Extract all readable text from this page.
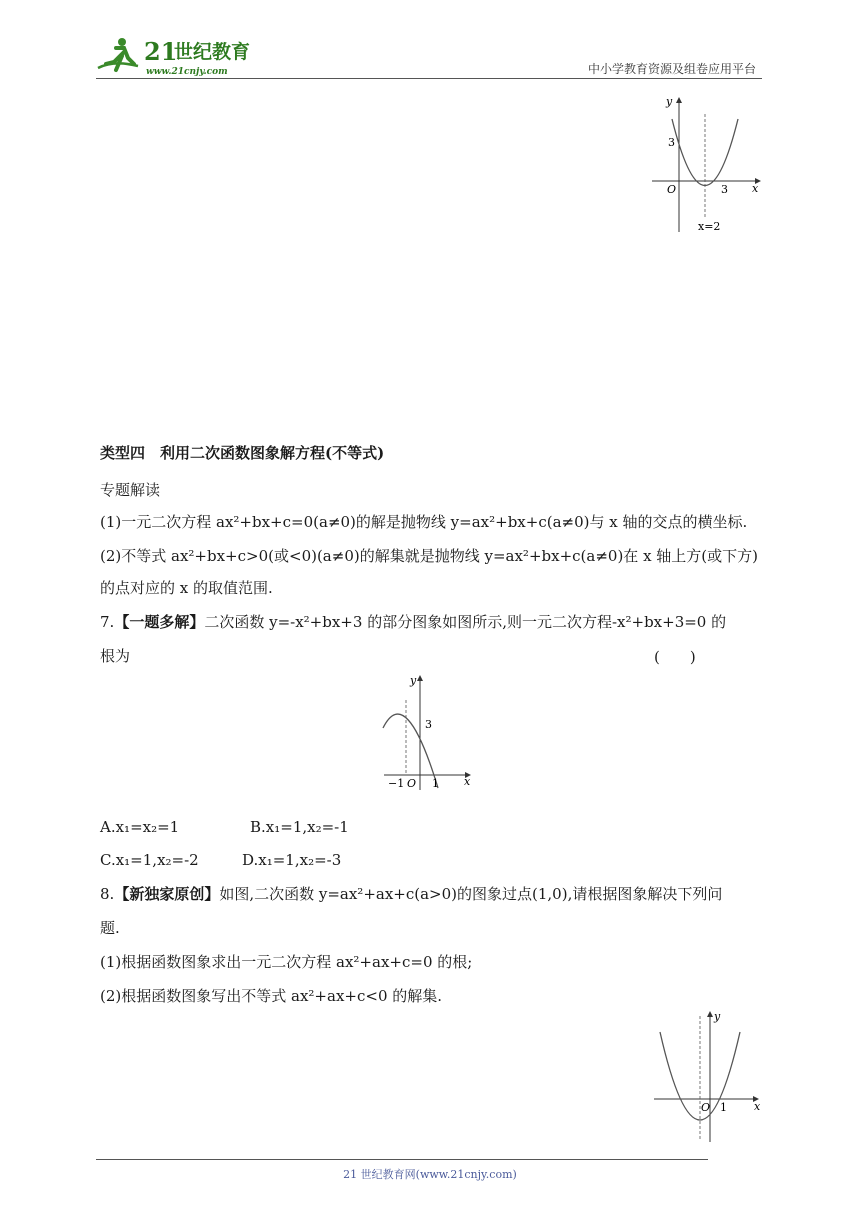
21
世纪教育
www.21cnjy.com	中小学教育资源及组卷应用平台
y
x
O
3
3
x=2
类型四　利用二次函数图象解方程(不等式)
专题解读
(1)一元二次方程 ax²+bx+c=0(a≠0)的解是抛物线 y=ax²+bx+c(a≠0)与 x 轴的交点的横坐标.
(2)不等式 ax²+bx+c>0(或<0)(a≠0)的解集就是抛物线 y=ax²+bx+c(a≠0)在 x 轴上方(或下方)
的点对应的 x 的取值范围.
7.【一题多解】二次函数 y=-x²+bx+3 的部分图象如图所示,则一元二次方程-x²+bx+3=0 的
根为	(　　)
y
x
O
3
−1	1
A.x₁=x₂=1	B.x₁=1,x₂=-1
C.x₁=1,x₂=-2	D.x₁=1,x₂=-3
8.【新独家原创】如图,二次函数 y=ax²+ax+c(a>0)的图象过点(1,0),请根据图象解决下列问
题.
(1)根据函数图象求出一元二次方程 ax²+ax+c=0 的根;
(2)根据函数图象写出不等式 ax²+ax+c<0 的解集.
y
x
O 1
21 世纪教育网(www.21cnjy.com)
